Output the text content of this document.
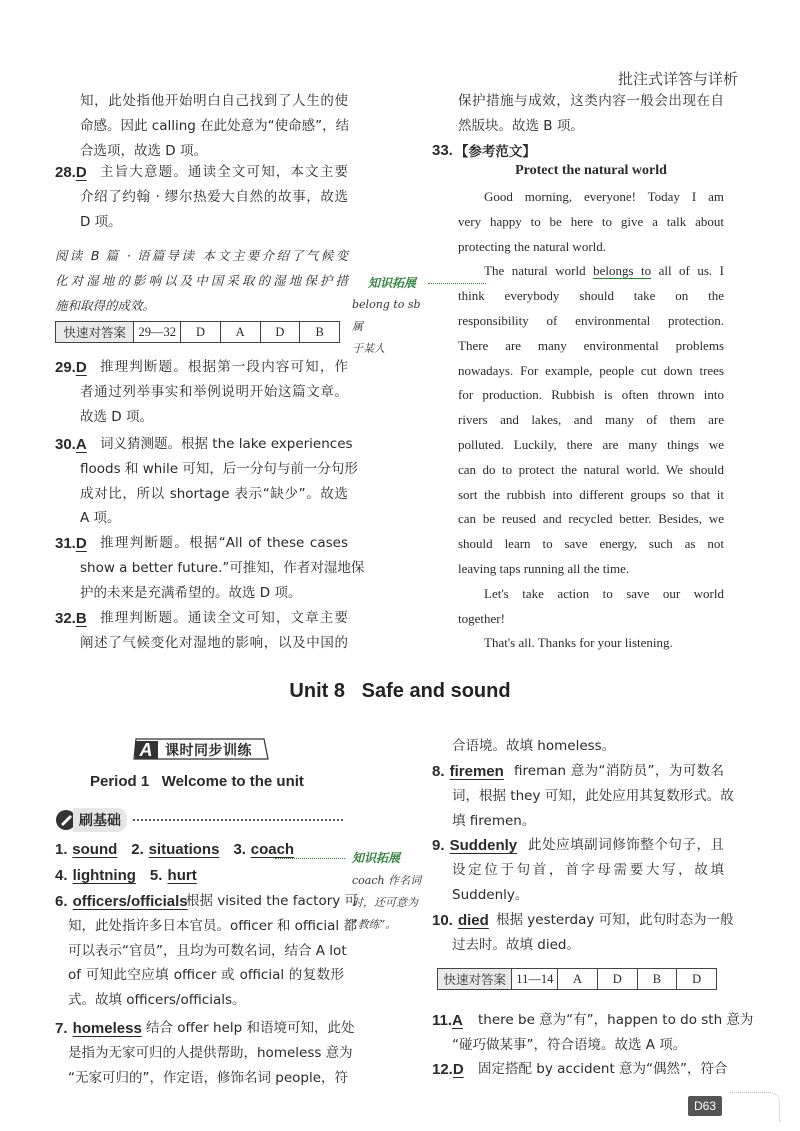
批注式详答与详析
知，此处指他开始明白自己找到了人生的使
命感。因此 calling 在此处意为“使命感”，结
合选项，故选 D 项。
28.D 主旨大意题。通读全文可知，本文主要
介绍了约翰 · 缪尔热爱大自然的故事，故选
D 项。
阅读 B 篇 · 语篇导读 本文主要介绍了气候变
化对湿地的影响以及中国采取的湿地保护措
施和取得的成效。
快速对答案	29—32	D	A	D	B
29.D 推理判断题。根据第一段内容可知，作
者通过列举事实和举例说明开始这篇文章。
故选 D 项。
30.A 词义猜测题。根据 the lake experiences
floods 和 while 可知，后一分句与前一分句形
成对比，所以 shortage 表示“缺少”。故选
A 项。
31.D 推理判断题。根据“All of these cases
show a better future.”可推知，作者对湿地保
护的未来是充满希望的。故选 D 项。
32.B 推理判断题。通读全文可知，文章主要
阐述了气候变化对湿地的影响，以及中国的
知识拓展
belong to sb 属
于某人
保护措施与成效，这类内容一般会出现在自
然版块。故选 B 项。
33. 【参考范文】
Protect the natural world
Good morning, everyone! Today I am
very happy to be here to give a talk about
protecting the natural world.
The natural world belongs to all of us. I
think everybody should take on the
responsibility of environmental protection.
There are many environmental problems
nowadays. For example, people cut down trees
for production. Rubbish is often thrown into
rivers and lakes, and many of them are
polluted. Luckily, there are many things we
can do to protect the natural world. We should
sort the rubbish into different groups so that it
can be reused and recycled better. Besides, we
should learn to save energy, such as not
leaving taps running all the time.
Let's take action to save our world
together!
That's all. Thanks for your listening.
Unit 8   Safe and sound
A 课时同步训练
Period 1   Welcome to the unit
刷基础
1. sound 2. situations 3. coach
4. lightning 5. hurt
6. officers/officials
根据 visited the factory 可
知，此处指许多日本官员。officer 和 official 都
可以表示“官员”，且均为可数名词，结合 A lot
of 可知此空应填 officer 或 official 的复数形
式。故填 officers/officials。
7. homeless 结合 offer help 和语境可知，此处
是指为无家可归的人提供帮助，homeless 意为
“无家可归的”，作定语，修饰名词 people，符
知识拓展
coach 作名词
时，还可意为
“教练”。
合语境。故填 homeless。
8. firemen fireman 意为“消防员”，为可数名
词，根据 they 可知，此处应用其复数形式。故
填 firemen。
9. Suddenly 此处应填副词修饰整个句子，且
设定位于句首，首字母需要大写，故填
Suddenly。
10. died 根据 yesterday 可知，此句时态为一般
过去时。故填 died。
快速对答案 11—14	A	D	B	D
11.A	there be 意为“有”，happen to do sth 意为
“碰巧做某事”，符合语境。故选 A 项。
12.D	固定搭配 by accident 意为“偶然”，符合
D63
